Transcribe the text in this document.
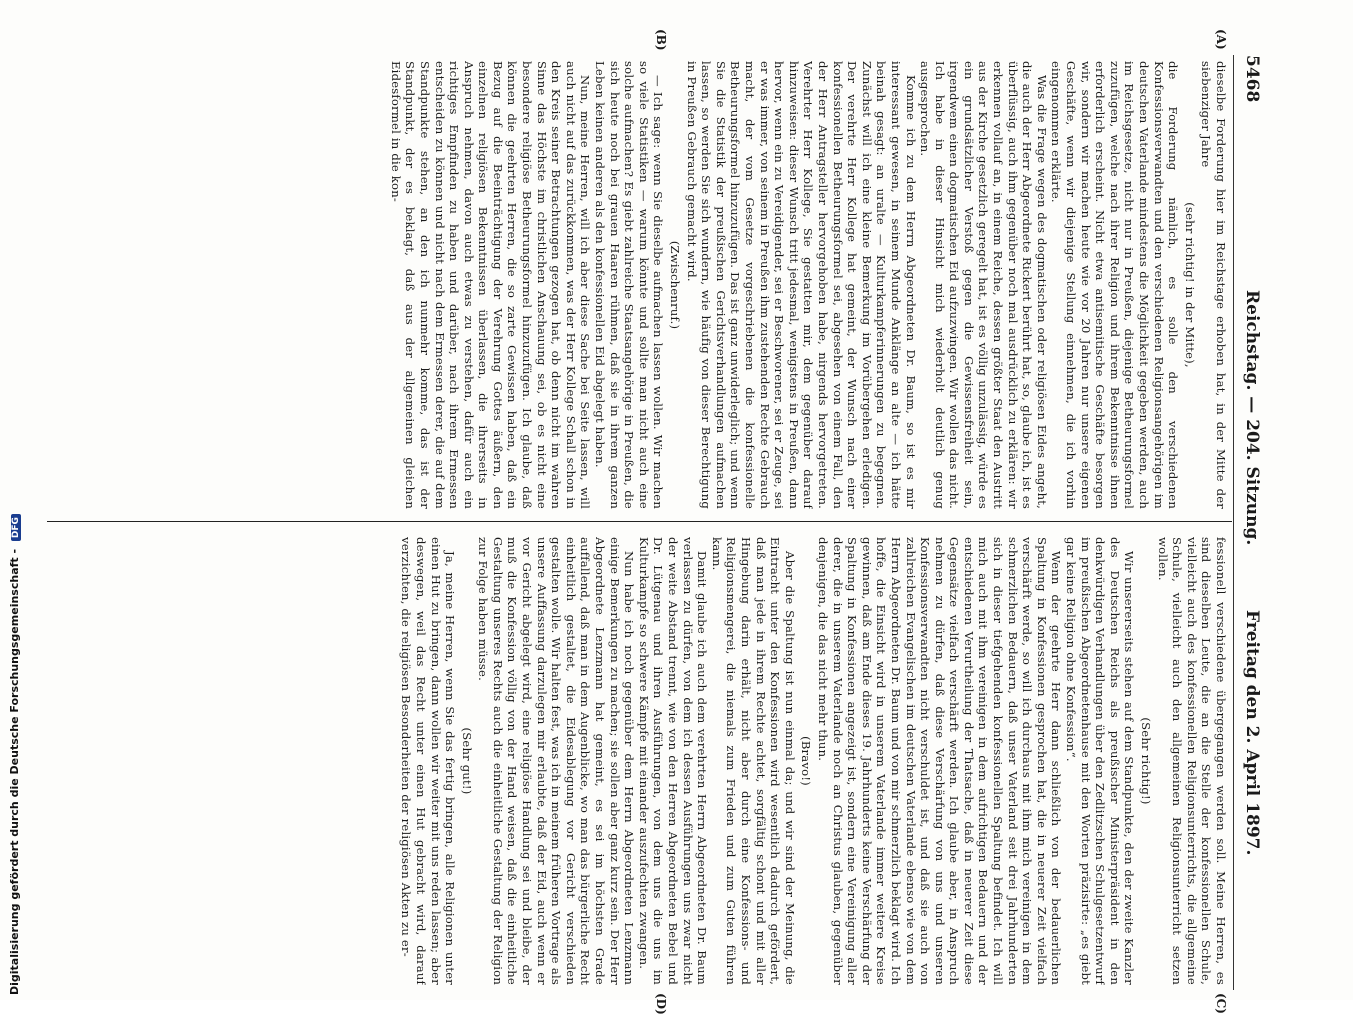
5468
Reichstag. — 204. Sitzung.
Freitag den 2. April 1897.
(A)
(B)
(C)
(D)

dieselbe Forderung hier im Reichstage erhoben hat, in der Mitte der siebenziger Jahre

(sehr richtig! in der Mitte),

die Forderung nämlich, es solle den verschiedenen Konfessionsverwandten und den verschiedenen Religionsangehörigen im deutschen Vaterlande mindestens die Möglichkeit gegeben werden, auch im Reichsgesetze, nicht nur in Preußen, diejenige Betheurungsformel zuzufügen, welche nach ihrer Religion und ihrem Bekenntnisse ihnen erforderlich erscheint. Nicht etwa antisemitische Geschäfte besorgen wir, sondern wir machen heute wie vor 20 Jahren nur unsere eigenen Geschäfte, wenn wir diejenige Stellung einnehmen, die ich vorhin eingenommen erklärte.

Was die Frage wegen des dogmatischen oder religiösen Eides angeht, die auch der Herr Abgeordnete Rickert berührt hat, so, glaube ich, ist es überflüssig, auch ihm gegenüber noch mal ausdrücklich zu erklären: wir erkennen vollauf an, in einem Reiche, dessen größter Staat den Austritt aus der Kirche gesetzlich geregelt hat, ist es völlig unzulässig, würde es ein grundsätzlicher Verstoß gegen die Gewissensfreiheit sein, irgendwem einen dogmatischen Eid aufzuzwingen. Wir wollen das nicht. Ich habe in dieser Hinsicht mich wiederholt deutlich genug ausgesprochen.

Komme ich zu dem Herrn Abgeordneten Dr. Baum, so ist es mir interessant gewesen, in seinem Munde Anklänge an alte — ich hätte beinah gesagt: an uralte — Kulturkampferinnerungen zu begegnen. Zunächst will ich eine kleine Bemerkung im Vorübergehen erledigen. Der verehrte Herr Kollege hat gemeint, der Wunsch nach einer konfessionellen Betheurungsformel sei, abgesehen von einem Fall, den der Herr Antragsteller hervorgehoben habe, nirgends hervorgetreten. Verehrter Herr Kollege, Sie gestatten mir, dem gegenüber darauf hinzuweisen: dieser Wunsch tritt jedesmal, wenigstens in Preußen, dann hervor, wenn ein zu Vereidigender, sei er Beschworener, sei er Zeuge, sei er was immer, von seinem in Preußen ihm zustehenden Rechte Gebrauch macht, der vom Gesetze vorgeschriebenen die konfessionelle Betheurungsformel hinzuzufügen. Das ist ganz unwiderleglich; und wenn Sie die Statistik der preußischen Gerichtsverhandlungen aufmachen lassen, so werden Sie sich wundern, wie häufig von dieser Berechtigung in Preußen Gebrauch gemacht wird.

(Zwischenruf.)

— Ich sage: wenn Sie dieselbe aufmachen lassen wollen. Wir machen so viele Statistiken — warum könnte und sollte man nicht auch eine solche aufmachen? Es giebt zahlreiche Staatsangehörige in Preußen, die sich heute noch bei grauen Haaren rühmen, daß sie in ihrem ganzen Leben keinen anderen als den konfessionellen Eid abgelegt haben.

Nun, meine Herren, will ich aber diese Sache bei Seite lassen, will auch nicht auf das zurückkommen, was der Herr Kollege Schall schon in den Kreis seiner Betrachtungen gezogen hat, ob denn nicht im wahren Sinne das Höchste im christlichen Anschauung sei, ob es nicht eine besondere religiöse Betheurungsformel hinzuzufügen. Ich glaube, daß können die geehrten Herren, die so zarte Gewissen haben, daß ein Bezug auf die Beeinträchtigung der Verehrung Gottes äußern, den einzelnen religiösen Bekenntnissen überlassen, die ihrerseits in Anspruch nehmen, davon auch etwas zu verstehen, dafür auch ein richtiges Empfinden zu haben und darüber, nach ihrem Ermessen entscheiden zu können und nicht nach dem Ermessen derer, die auf dem Standpunkte stehen, an den ich nunmehr komme, das ist der Standpunkt, der es beklagt, daß aus der allgemeinen gleichen Eidesformel in die kon-

fessionell verschiedene übergegangen werden soll. Meine Herren, es sind dieselben Leute, die an die Stelle der konfessionellen Schule, vielleicht auch des konfessionellen Religionsunterrichts, die allgemeine Schule, vielleicht auch den allgemeinen Religionsunterricht setzen wollen.

(Sehr richtig!)

Wir unsererseits stehen auf dem Standpunkte, den der zweite Kanzler des Deutschen Reichs als preußischer Ministerpräsident in den denkwürdigen Verhandlungen über den Zedlitzschen Schulgesetzentwurf im preußischen Abgeordnetenhause mit den Worten präzisirte: „es giebt gar keine Religion ohne Konfession“.

Wenn der geehrte Herr dann schließlich von der bedauerlichen Spaltung in Konfessionen gesprochen hat, die in neuerer Zeit vielfach verschärft werde, so will ich durchaus mit ihm mich vereinigen in dem schmerzlichen Bedauern, daß unser Vaterland seit drei Jahrhunderten sich in dieser tiefgehenden konfessionellen Spaltung befindet. Ich will mich auch mit ihm vereinigen in dem aufrichtigen Bedauern und der entschiedenen Verurtheilung der Thatsache, daß in neuerer Zeit diese Gegensätze vielfach verschärft werden. Ich glaube aber, in Anspruch nehmen zu dürfen, daß diese Verschärfung von uns und unseren Konfessionsverwandten nicht verschuldet ist, und daß sie auch von zahlreichen Evangelischen im deutschen Vaterlande ebenso wie von dem Herrn Abgeordneten Dr. Baum und von mir schmerzlich beklagt wird. Ich hoffe, die Einsicht wird in unserem Vaterlande immer weitere Kreise gewinnen, daß am Ende dieses 19. Jahrhunderts keine Verschärfung der Spaltung in Konfessionen angezeigt ist, sondern eine Vereinigung aller derer, die in unserem Vaterlande noch an Christus glauben, gegenüber denjenigen, die das nicht mehr thun.

(Bravo!)

Aber die Spaltung ist nun einmal da; und wir sind der Meinung, die Eintracht unter den Konfessionen wird wesentlich dadurch gefördert, daß man jede in ihrem Rechte achtet, sorgfältig schont und mit aller Hingebung darin erhält, nicht aber durch eine Konfessions- und Religionsmengerei, die niemals zum Frieden und zum Guten führen kann.

Damit glaube ich auch dem verehrten Herrn Abgeordneten Dr. Baum verlassen zu dürfen, von dem ich dessen Ausführungen uns zwar nicht der weite Abstand trennt, wie von den Herren Abgeordneten Bebel und Dr. Lütgenau und ihren Ausführungen, von dem uns die uns im Kulturkampfe so schwere Kämpfe mit einander auszufechten zwangen.

Nun habe ich noch gegenüber dem Herrn Abgeordneten Lenzmann einige Bemerkungen zu machen; sie sollen aber ganz kurz sein. Der Herr Abgeordnete Lenzmann hat gemeint, es sei im höchsten Grade auffallend, daß man in dem Augenblicke, wo man das bürgerliche Recht einheitlich gestaltet, die Eidesablegung vor Gericht verschieden gestalten wolle. Wir halten fest, was ich in meinem früheren Vortrage als unsere Auffassung darzulegen mir erlaubte, daß der Eid, auch wenn er vor Gericht abgelegt wird, eine religiöse Handlung sei und bleibe, der muß die Konfession völlig von der Hand weisen, daß die einheitliche Gestaltung unseres Rechts auch die einheitliche Gestaltung der Religion zur Folge haben müsse.

(Sehr gut!)

Ja, meine Herren, wenn Sie das fertig bringen, alle Religionen unter einen Hut zu bringen, dann wollen wir weiter mit uns reden lassen; aber deswegen, weil das Recht unter einen Hut gebracht wird, darauf verzichten, die religiösen Besonderheiten der religiösen Akten zu er-

Digitalisierung gefördert durch die Deutsche Forschungsgemeinschaft - DFG
